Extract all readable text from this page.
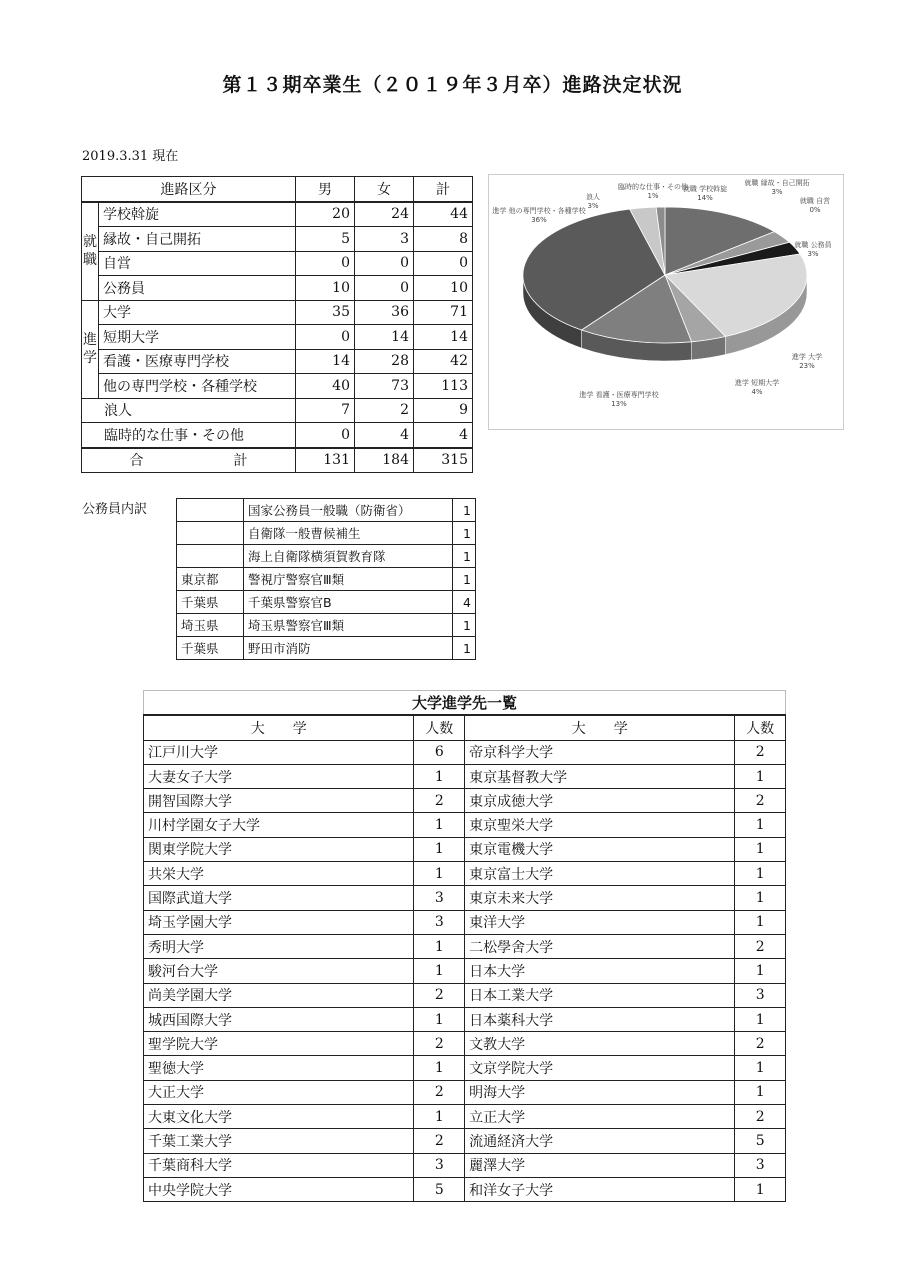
第１３期卒業生（２０１９年３月卒）進路決定状況
2019.3.31 現在
進路区分		男	女	計
就職	学校斡旋	20	24	44
	縁故・自己開拓	5	3	8
	自営	0	0	0
	公務員	10	0	10
進学	大学	35	36	71
	短期大学	0	14	14
	看護・医療専門学校	14	28	42
	他の専門学校・各種学校	40	73	113
浪人		7	2	9
臨時的な仕事・その他		0	4	4
合 計		131	184	315
就職 学校斡旋 14%
就職 縁故・自己開拓 3%
就職 自営 0%
就職 公務員 3%
進学 大学 23%
進学 短期大学 4%
進学 看護・医療専門学校 13%
進学 他の専門学校・各種学校 36%
浪人 3%
臨時的な仕事・その他 1%
公務員内訳
		国家公務員一般職（防衛省）	1
	自衛隊一般曹候補生	1
	海上自衛隊横須賀教育隊	1
東京都	警視庁警察官Ⅲ類	1
千葉県	千葉県警察官B	4
埼玉県	埼玉県警察官Ⅲ類	1
千葉県	野田市消防	1
大学進学先一覧			
大　　学	人数	大　　学	人数
江戸川大学	6	帝京科学大学	2
大妻女子大学	1	東京基督教大学	1
開智国際大学	2	東京成徳大学	2
川村学園女子大学	1	東京聖栄大学	1
関東学院大学	1	東京電機大学	1
共栄大学	1	東京富士大学	1
国際武道大学	3	東京未来大学	1
埼玉学園大学	3	東洋大学	1
秀明大学	1	二松學舍大学	2
駿河台大学	1	日本大学	1
尚美学園大学	2	日本工業大学	3
城西国際大学	1	日本薬科大学	1
聖学院大学	2	文教大学	2
聖徳大学	1	文京学院大学	1
大正大学	2	明海大学	1
大東文化大学	1	立正大学	2
千葉工業大学	2	流通経済大学	5
千葉商科大学	3	麗澤大学	3
中央学院大学	5	和洋女子大学	1
